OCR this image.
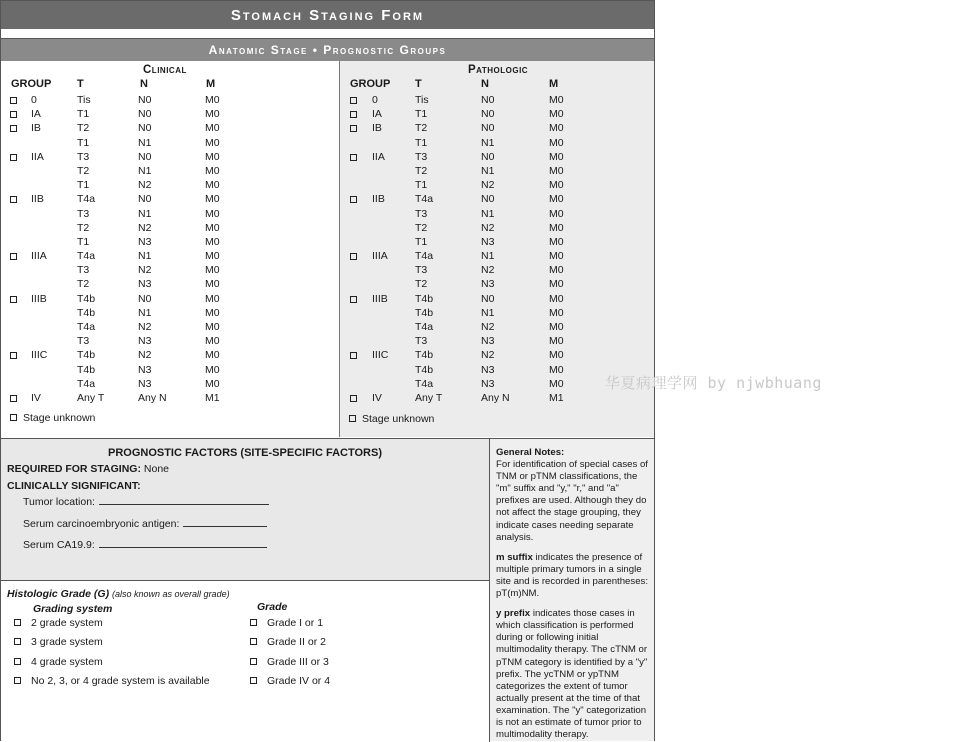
Stomach Staging Form
Anatomic Stage • Prognostic Groups
Clinical
GROUP T	N	M
0	Tis	N0	M0
IA	T1	N0	M0
IB	T2	N0	M0
T1	N1	M0
IIA	T3	N0	M0
T2	N1	M0
T1	N2	M0
IIB	T4a	N0	M0
T3	N1	M0
T2	N2	M0
T1	N3	M0
IIIA	T4a	N1	M0
T3	N2	M0
T2	N3	M0
IIIB	T4b	N0	M0
T4b	N1	M0
T4a	N2	M0
T3	N3	M0
IIIC	T4b	N2	M0
T4b	N3	M0
T4a	N3	M0
IV	Any T	Any N	M1
Stage unknown
Pathologic
GROUP T	N	M
0	Tis	N0	M0
IA	T1	N0	M0
IB	T2	N0	M0
T1	N1	M0
IIA	T3	N0	M0
T2	N1	M0
T1	N2	M0
IIB	T4a	N0	M0
T3	N1	M0
T2	N2	M0
T1	N3	M0
IIIA	T4a	N1	M0
T3	N2	M0
T2	N3	M0
IIIB	T4b	N0	M0
T4b	N1	M0
T4a	N2	M0
T3	N3	M0
IIIC	T4b	N2	M0
T4b	N3	M0
T4a	N3	M0
IV	Any T	Any N	M1
Stage unknown
PROGNOSTIC FACTORS (SITE-SPECIFIC FACTORS)
REQUIRED FOR STAGING: None
CLINICALLY SIGNIFICANT:
Tumor location:
Serum carcinoembryonic antigen:
Serum CA19.9:
Histologic Grade (G) (also known as overall grade)
Grading system	Grade
2 grade system
3 grade system
4 grade system
No 2, 3, or 4 grade system is available
Grade I or 1
Grade II or 2
Grade III or 3
Grade IV or 4

General Notes:
For identification of special cases of TNM or pTNM classifications, the "m" suffix and "y," "r," and "a" prefixes are used. Although they do not affect the stage grouping, they indicate cases needing separate analysis.

m suffix indicates the presence of multiple primary tumors in a single site and is recorded in parentheses: pT(m)NM.

y prefix indicates those cases in which classification is performed during or following initial multimodality therapy. The cTNM or pTNM category is identified by a "y" prefix. The ycTNM or ypTNM categorizes the extent of tumor actually present at the time of that examination. The "y" categorization is not an estimate of tumor prior to multimodality therapy.

华夏病理学网 by njwbhuang
